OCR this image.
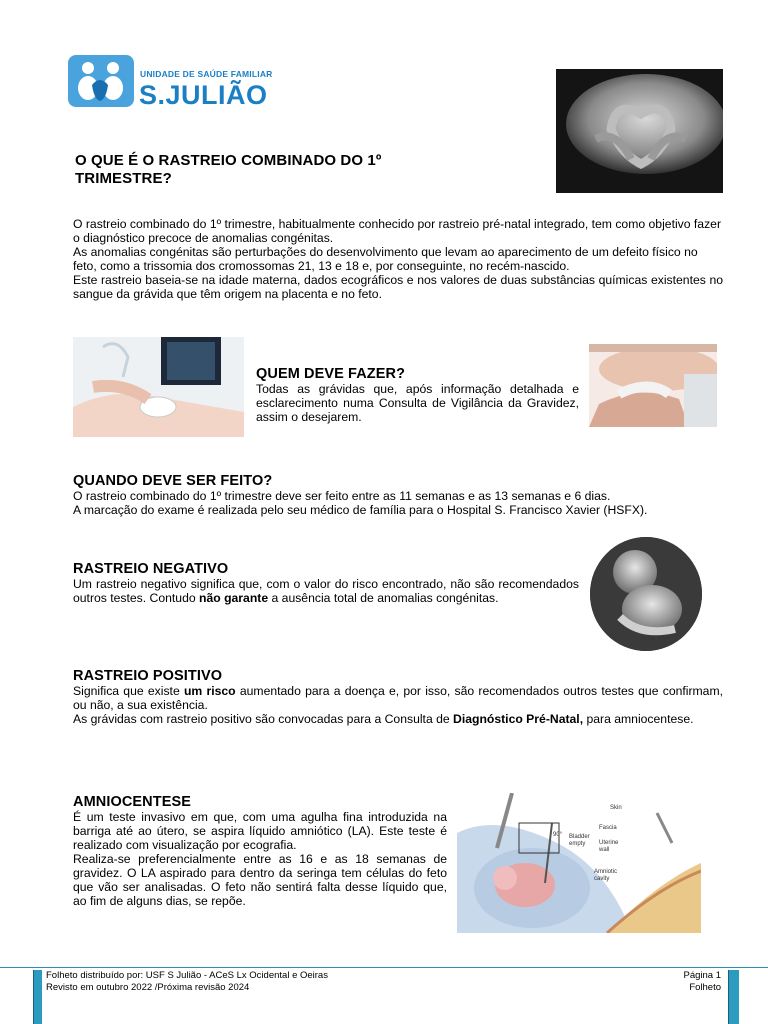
UNIDADE DE SAÚDE FAMILIAR
S.JULIÃO
O QUE É O RASTREIO COMBINADO DO 1º
TRIMESTRE?

O rastreio combinado do 1º trimestre, habitualmente conhecido por rastreio pré-natal integrado, tem como objetivo fazer o diagnóstico precoce de anomalias congénitas.

As anomalias congénitas são perturbações do desenvolvimento que levam ao aparecimento de um defeito físico no feto, como a trissomia dos cromossomas 21, 13 e 18 e, por conseguinte, no recém-nascido.

Este rastreio baseia-se na idade materna, dados ecográficos e nos valores de duas substâncias químicas existentes no sangue da grávida que têm origem na placenta e no feto.

QUEM DEVE FAZER?
Todas as grávidas que, após informação detalhada e esclarecimento numa Consulta de Vigilância da Gravidez, assim o desejarem.
QUANDO DEVE SER FEITO?

O rastreio combinado do 1º trimestre deve ser feito entre as 11 semanas e as 13 semanas e 6 dias.

A marcação do exame é realizada pelo seu médico de família para o Hospital S. Francisco Xavier (HSFX).

RASTREIO NEGATIVO
Um rastreio negativo significa que, com o valor do risco encontrado, não são recomendados outros testes. Contudo não garante a ausência total de anomalias congénitas.
RASTREIO POSITIVO

Significa que existe um risco aumentado para a doença e, por isso, são recomendados outros testes que confirmam, ou não, a sua existência.

As grávidas com rastreio positivo são convocadas para a Consulta de Diagnóstico Pré-Natal, para amniocentese.

AMNIOCENTESE

É um teste invasivo em que, com uma agulha fina introduzida na barriga até ao útero, se aspira líquido amniótico (LA). Este teste é realizado com visualização por ecografia.

Realiza-se preferencialmente entre as 16 e as 18 semanas de gravidez. O LA aspirado para dentro da seringa tem células do feto que vão ser analisadas. O feto não sentirá falta desse líquido que, ao fim de alguns dias, se repõe.

Skin
Fascia
Uterine
wall
Amniotic
cavity
Bladder
empty
90°
Folheto distribuído por: USF S Julião - ACeS Lx Ocidental e Oeiras
Revisto em outubro 2022 /Próxima revisão 2024
Página 1
Folheto
